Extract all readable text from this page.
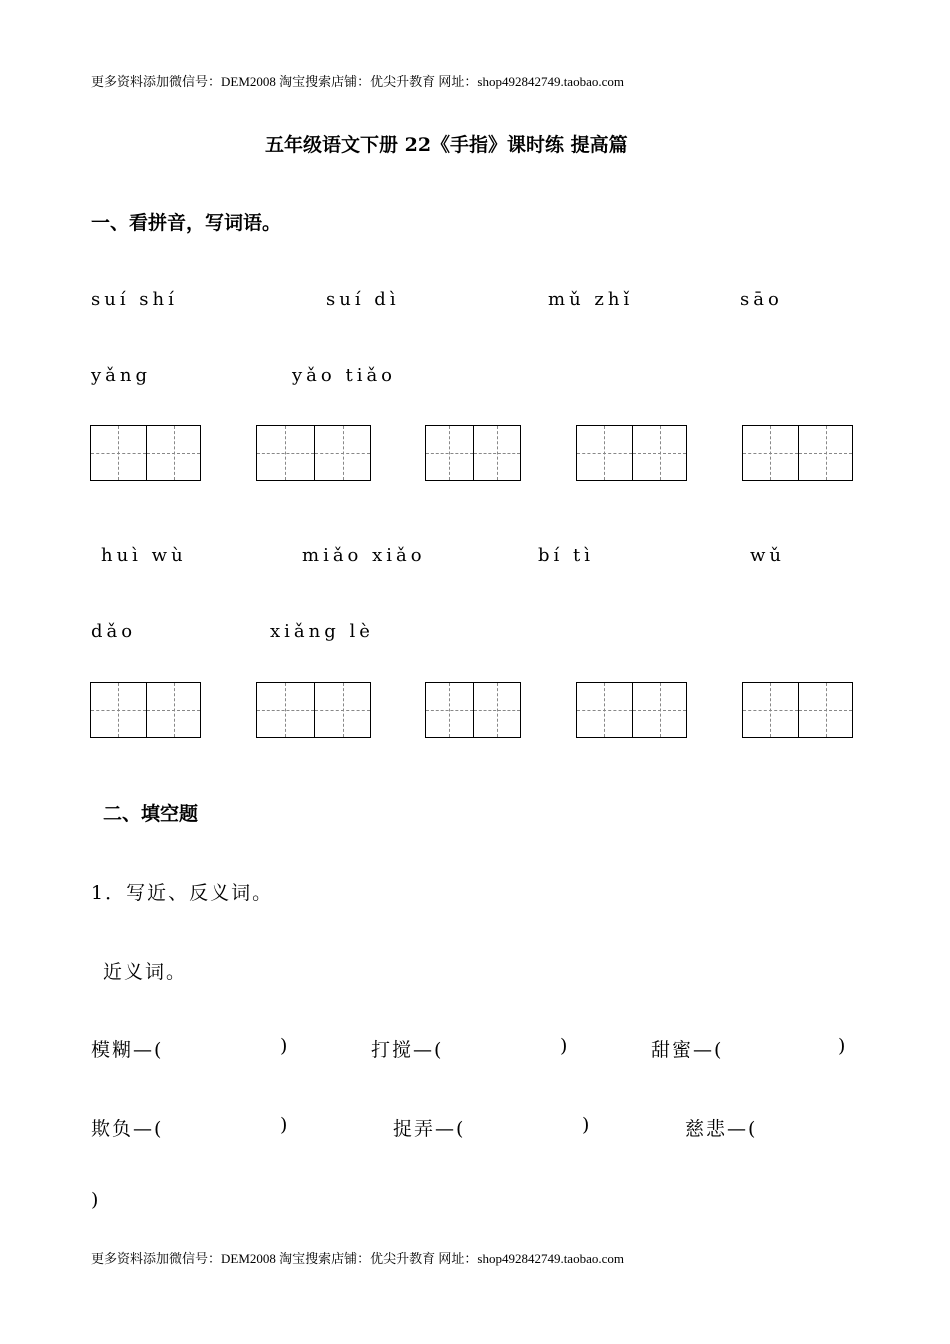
更多资料添加微信号：DEM2008 淘宝搜索店铺：优尖升教育 网址：shop492842749.taobao.com
五年级语文下册 22《手指》课时练 提高篇
一、看拼音，写词语。
suí shí	suí dì	mǔ zhǐ	sāo
yǎng	yǎo tiǎo
huì wù	miǎo xiǎo	bí tì	wǔ
dǎo	xiǎng lè
二、填空题
1．写近、反义词。
近义词。
模糊—(	)	打搅—(	)	甜蜜—(	)
欺负—(	)	捉弄—(	)	慈悲—(
)
更多资料添加微信号：DEM2008 淘宝搜索店铺：优尖升教育 网址：shop492842749.taobao.com
